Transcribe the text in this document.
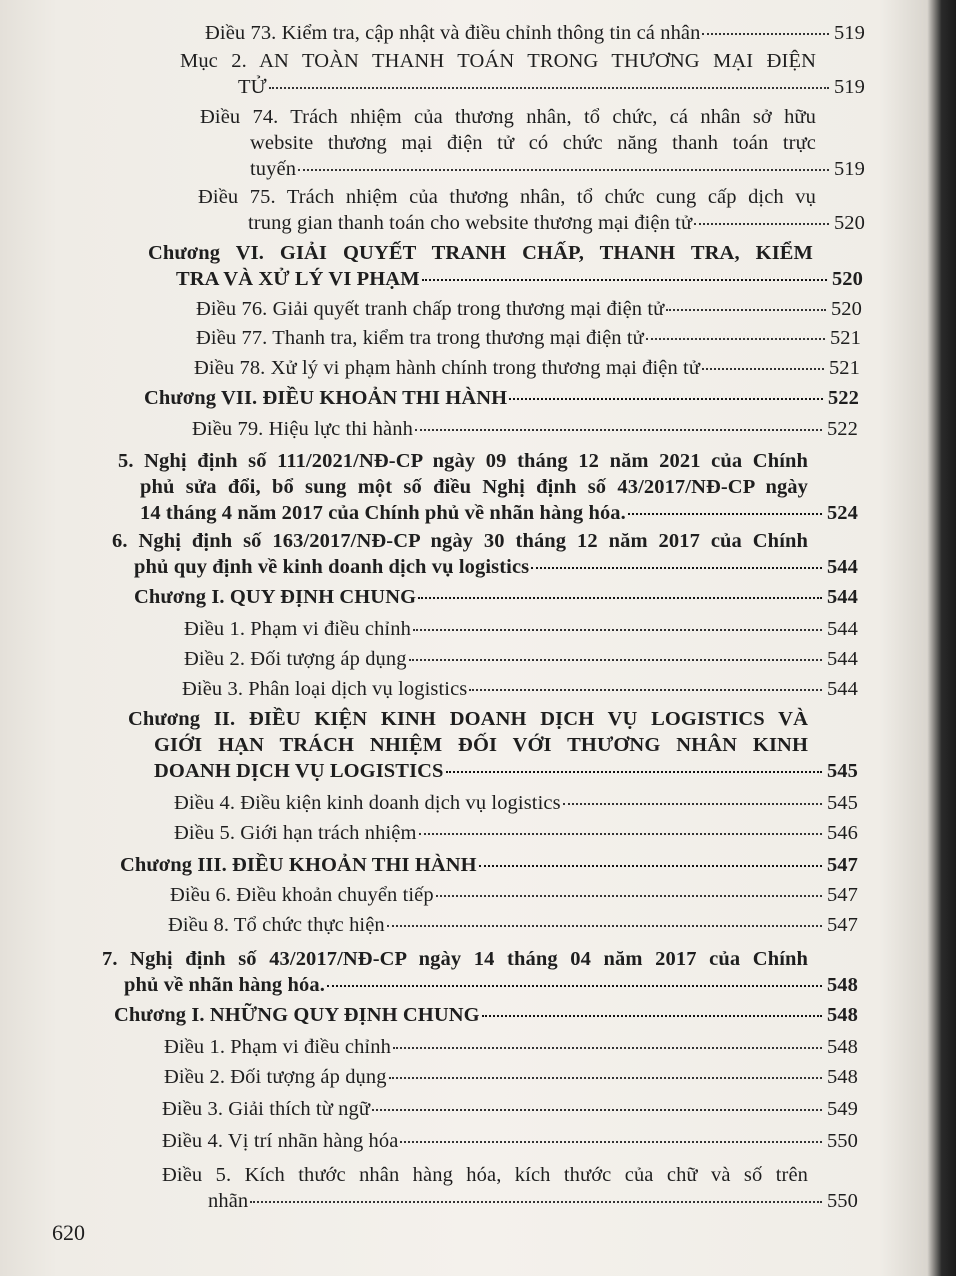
Điều 73. Kiểm tra, cập nhật và điều chỉnh thông tin cá nhân	519
Mục 2. AN TOÀN THANH TOÁN TRONG THƯƠNG MẠI ĐIỆN
TỬ	519
Điều 74. Trách nhiệm của thương nhân, tổ chức, cá nhân sở hữu
website thương mại điện tử có chức năng thanh toán trực
tuyến	519
Điều 75. Trách nhiệm của thương nhân, tổ chức cung cấp dịch vụ
trung gian thanh toán cho website thương mại điện tử	520
Chương VI. GIẢI QUYẾT TRANH CHẤP, THANH TRA, KIỂM
TRA VÀ XỬ LÝ VI PHẠM	520
Điều 76. Giải quyết tranh chấp trong thương mại điện tử	520
Điều 77. Thanh tra, kiểm tra trong thương mại điện tử	521
Điều 78. Xử lý vi phạm hành chính trong thương mại điện tử	521
Chương VII. ĐIỀU KHOẢN THI HÀNH	522
Điều 79. Hiệu lực thi hành	522
5. Nghị định số 111/2021/NĐ-CP ngày 09 tháng 12 năm 2021 của Chính
phủ sửa đổi, bổ sung một số điều Nghị định số 43/2017/NĐ-CP ngày
14 tháng 4 năm 2017 của Chính phủ về nhãn hàng hóa.	524
6. Nghị định số 163/2017/NĐ-CP ngày 30 tháng 12 năm 2017 của Chính
phủ quy định về kinh doanh dịch vụ logistics	544
Chương I. QUY ĐỊNH CHUNG	544
Điều 1. Phạm vi điều chỉnh	544
Điều 2. Đối tượng áp dụng	544
Điều 3. Phân loại dịch vụ logistics	544
Chương II. ĐIỀU KIỆN KINH DOANH DỊCH VỤ LOGISTICS VÀ
GIỚI HẠN TRÁCH NHIỆM ĐỐI VỚI THƯƠNG NHÂN KINH
DOANH DỊCH VỤ LOGISTICS	545
Điều 4. Điều kiện kinh doanh dịch vụ logistics	545
Điều 5. Giới hạn trách nhiệm	546
Chương III. ĐIỀU KHOẢN THI HÀNH	547
Điều 6. Điều khoản chuyển tiếp	547
Điều 8. Tổ chức thực hiện	547
7. Nghị định số 43/2017/NĐ-CP ngày 14 tháng 04 năm 2017 của Chính
phủ về nhãn hàng hóa.	548
Chương I. NHỮNG QUY ĐỊNH CHUNG	548
Điều 1. Phạm vi điều chỉnh	548
Điều 2. Đối tượng áp dụng	548
Điều 3. Giải thích từ ngữ	549
Điều 4. Vị trí nhãn hàng hóa	550
Điều 5. Kích thước nhân hàng hóa, kích thước của chữ và số trên
nhãn	550
620
